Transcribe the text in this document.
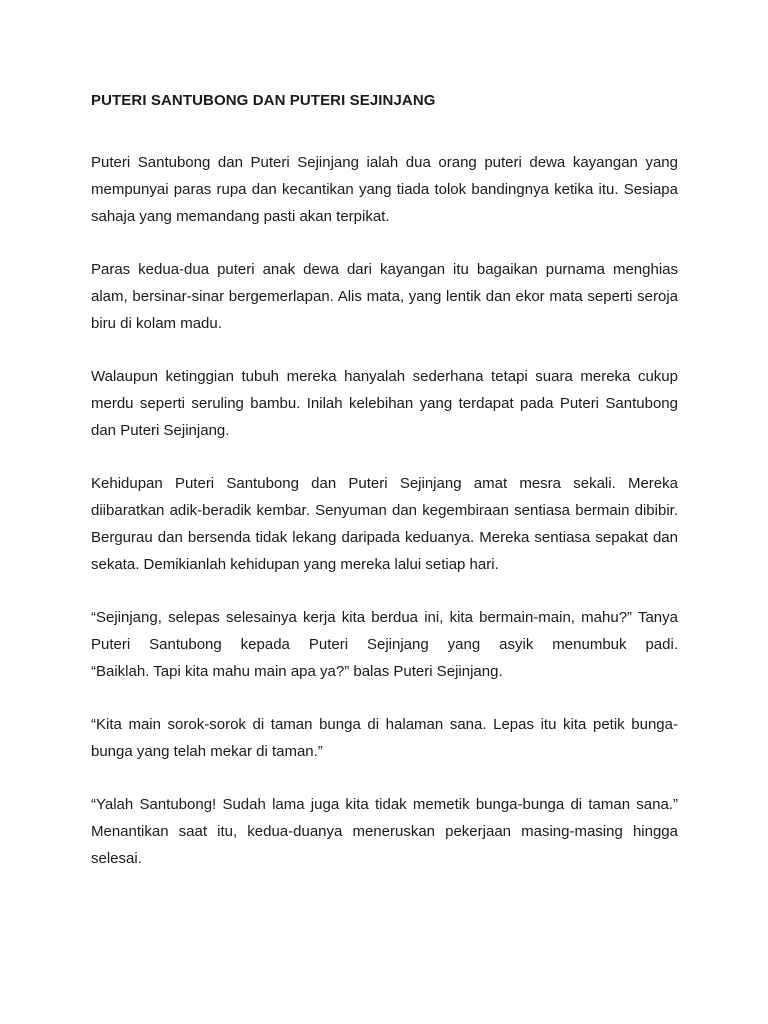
PUTERI SANTUBONG DAN PUTERI SEJINJANG
Puteri Santubong dan Puteri Sejinjang ialah dua orang puteri dewa kayangan yang
mempunyai paras rupa dan kecantikan yang tiada tolok bandingnya ketika itu. Sesiapa
sahaja yang memandang pasti akan terpikat.
Paras kedua-dua puteri anak dewa dari kayangan itu bagaikan purnama menghias
alam, bersinar-sinar bergemerlapan. Alis mata, yang lentik dan ekor mata seperti seroja
biru di kolam madu.
Walaupun ketinggian tubuh mereka hanyalah sederhana tetapi suara mereka cukup
merdu seperti seruling bambu. Inilah kelebihan yang terdapat pada Puteri Santubong
dan Puteri Sejinjang.
Kehidupan Puteri Santubong dan Puteri Sejinjang amat mesra sekali. Mereka
diibaratkan adik-beradik kembar. Senyuman dan kegembiraan sentiasa bermain dibibir.
Bergurau dan bersenda tidak lekang daripada keduanya. Mereka sentiasa sepakat dan
sekata. Demikianlah kehidupan yang mereka lalui setiap hari.
“Sejinjang, selepas selesainya kerja kita berdua ini, kita bermain-main, mahu?” Tanya
Puteri Santubong kepada Puteri Sejinjang yang asyik menumbuk padi.
“Baiklah. Tapi kita mahu main apa ya?” balas Puteri Sejinjang.
“Kita main sorok-sorok di taman bunga di halaman sana. Lepas itu kita petik bunga-
bunga yang telah mekar di taman.”
“Yalah Santubong! Sudah lama juga kita tidak memetik bunga-bunga di taman sana.”
Menantikan saat itu, kedua-duanya meneruskan pekerjaan masing-masing hingga
selesai.
